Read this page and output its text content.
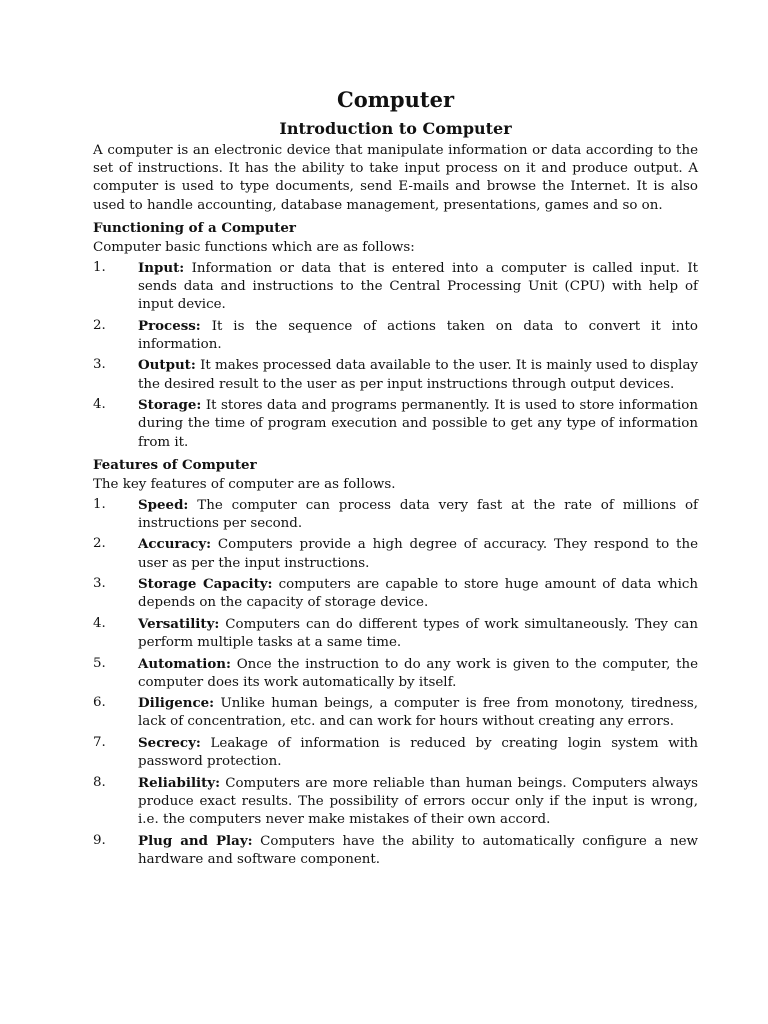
Computer
Introduction to Computer

A computer is an electronic device that manipulate information or data according to the set of instructions. It has the ability to take input process on it and produce output. A computer is used to type documents, send E-mails and browse the Internet. It is also used to handle accounting, database management, presentations, games and so on.

Functioning of a Computer
Computer basic functions which are as follows:
1. Input: Information or data that is entered into a computer is called input. It sends data and instructions to the Central Processing Unit (CPU) with help of input device.
2. Process: It is the sequence of actions taken on data to convert it into information.
3. Output: It makes processed data available to the user. It is mainly used to display the desired result to the user as per input instructions through output devices.
4. Storage: It stores data and programs permanently. It is used to store information during the time of program execution and possible to get any type of information from it.
Features of Computer
The key features of computer are as follows.
1. Speed: The computer can process data very fast at the rate of millions of instructions per second.
2. Accuracy: Computers provide a high degree of accuracy. They respond to the user as per the input instructions.
3. Storage Capacity: computers are capable to store huge amount of data which depends on the capacity of storage device.
4. Versatility: Computers can do different types of work simultaneously. They can perform multiple tasks at a same time.
5. Automation: Once the instruction to do any work is given to the computer, the computer does its work automatically by itself.
6. Diligence: Unlike human beings, a computer is free from monotony, tiredness, lack of concentration, etc. and can work for hours without creating any errors.
7. Secrecy: Leakage of information is reduced by creating login system with password protection.
8. Reliability: Computers are more reliable than human beings. Computers always produce exact results. The possibility of errors occur only if the input is wrong, i.e. the computers never make mistakes of their own accord.
9. Plug and Play: Computers have the ability to automatically configure a new hardware and software component.
